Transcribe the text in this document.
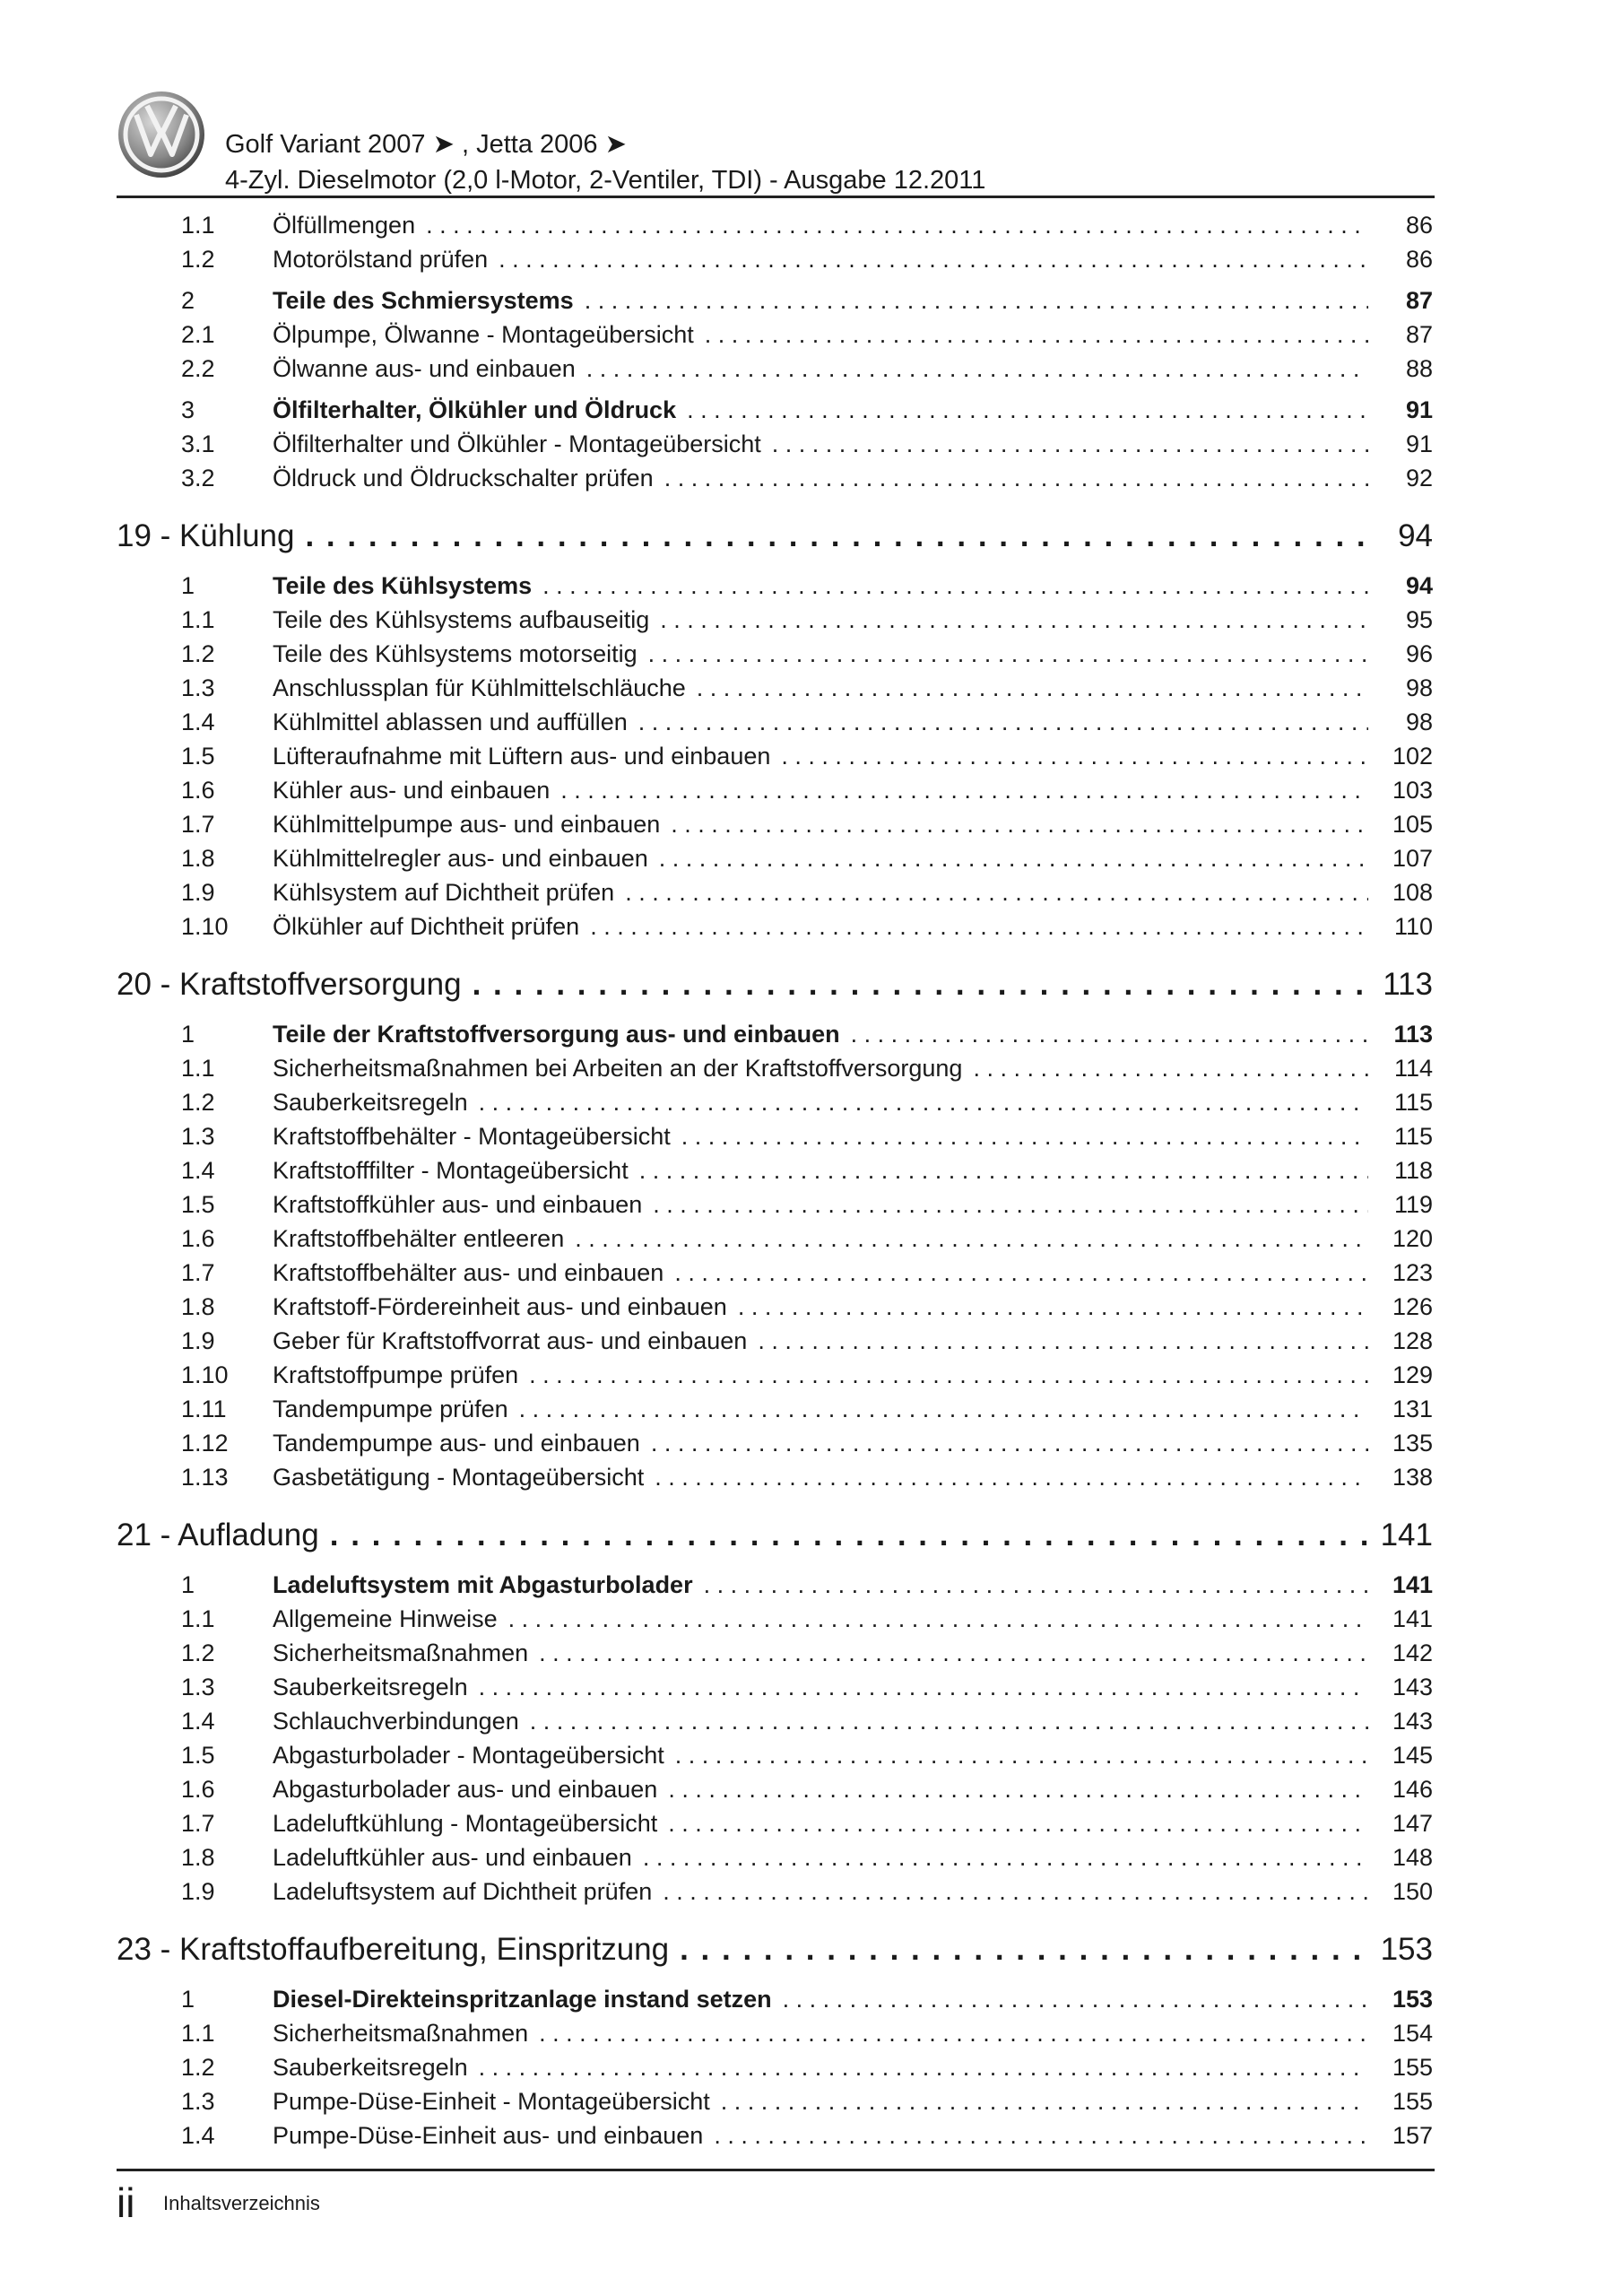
Golf Variant 2007 ➤ , Jetta 2006 ➤
4-Zyl. Dieselmotor (2,0 l-Motor, 2-Ventiler, TDI) - Ausgabe 12.2011
1.1	Ölfüllmengen . . .	86
1.2	Motorölstand prüfen . . .	86
2	Teile des Schmiersystems . . .	87
2.1	Ölpumpe, Ölwanne - Montageübersicht . . .	87
2.2	Ölwanne aus- und einbauen . . .	88
3	Ölfilterhalter, Ölkühler und Öldruck . . .	91
3.1	Ölfilterhalter und Ölkühler - Montageübersicht . . .	91
3.2	Öldruck und Öldruckschalter prüfen . . .	92
19 - Kühlung . . .	94
1	Teile des Kühlsystems . . .	94
1.1	Teile des Kühlsystems aufbauseitig . . .	95
1.2	Teile des Kühlsystems motorseitig . . .	96
1.3	Anschlussplan für Kühlmittelschläuche . . .	98
1.4	Kühlmittel ablassen und auffüllen . . .	98
1.5	Lüfteraufnahme mit Lüftern aus- und einbauen . . .	102
1.6	Kühler aus- und einbauen . . .	103
1.7	Kühlmittelpumpe aus- und einbauen . . .	105
1.8	Kühlmittelregler aus- und einbauen . . .	107
1.9	Kühlsystem auf Dichtheit prüfen . . .	108
1.10	Ölkühler auf Dichtheit prüfen . . .	110
20 - Kraftstoffversorgung . . .	113
1	Teile der Kraftstoffversorgung aus- und einbauen . . .	113
1.1	Sicherheitsmaßnahmen bei Arbeiten an der Kraftstoffversorgung . . .	114
1.2	Sauberkeitsregeln . . .	115
1.3	Kraftstoffbehälter - Montageübersicht . . .	115
1.4	Kraftstofffilter - Montageübersicht . . .	118
1.5	Kraftstoffkühler aus- und einbauen . . .	119
1.6	Kraftstoffbehälter entleeren . . .	120
1.7	Kraftstoffbehälter aus- und einbauen . . .	123
1.8	Kraftstoff-Fördereinheit aus- und einbauen . . .	126
1.9	Geber für Kraftstoffvorrat aus- und einbauen . . .	128
1.10	Kraftstoffpumpe prüfen . . .	129
1.11	Tandempumpe prüfen . . .	131
1.12	Tandempumpe aus- und einbauen . . .	135
1.13	Gasbetätigung - Montageübersicht . . .	138
21 - Aufladung . . .	141
1	Ladeluftsystem mit Abgasturbolader . . .	141
1.1	Allgemeine Hinweise . . .	141
1.2	Sicherheitsmaßnahmen . . .	142
1.3	Sauberkeitsregeln . . .	143
1.4	Schlauchverbindungen . . .	143
1.5	Abgasturbolader - Montageübersicht . . .	145
1.6	Abgasturbolader aus- und einbauen . . .	146
1.7	Ladeluftkühlung - Montageübersicht . . .	147
1.8	Ladeluftkühler aus- und einbauen . . .	148
1.9	Ladeluftsystem auf Dichtheit prüfen . . .	150
23 - Kraftstoffaufbereitung, Einspritzung . . .	153
1	Diesel-Direkteinspritzanlage instand setzen . . .	153
1.1	Sicherheitsmaßnahmen . . .	154
1.2	Sauberkeitsregeln . . .	155
1.3	Pumpe-Düse-Einheit - Montageübersicht . . .	155
1.4	Pumpe-Düse-Einheit aus- und einbauen . . .	157
ii Inhaltsverzeichnis
